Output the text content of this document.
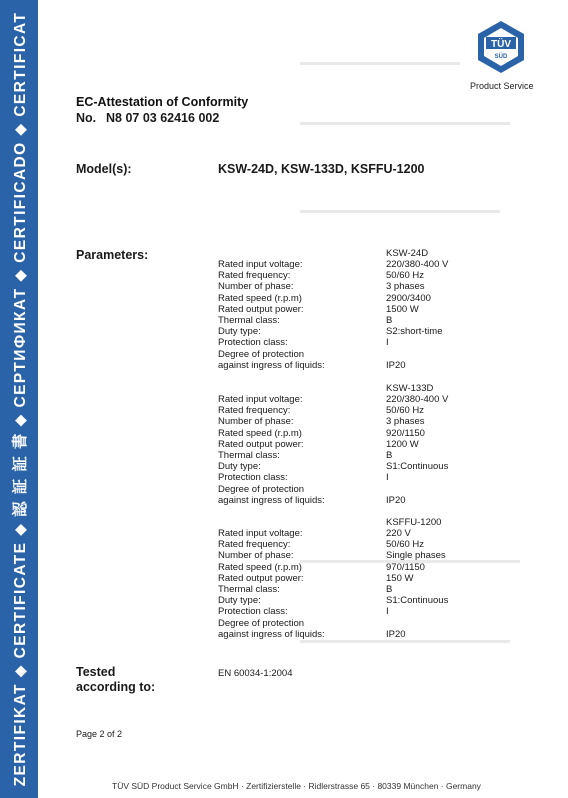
ZERTIFIKAT ◆ CERTIFICATE ◆ 認 証 証 書 ◆ СЕРТИФИКАТ ◆ CERTIFICADO ◆ CERTIFICAT	TÜV
SÜD
Product Service
EC-Attestation of Conformity
No. N8 07 03 62416 002
Model(s):	KSW-24D, KSW-133D, KSFFU-1200
Parameters:	KSW-24D
Rated input voltage:	220/380-400 V
Rated frequency:	50/60 Hz
Number of phase:	3 phases
Rated speed (r.p.m)	2900/3400
Rated output power:	1500 W
Thermal class:	B
Duty type:	S2:short-time
Protection class:	I
Degree of protection
against ingress of liquids:	IP20
KSW-133D
Rated input voltage:	220/380-400 V
Rated frequency:	50/60 Hz
Number of phase:	3 phases
Rated speed (r.p.m)	920/1150
Rated output power:	1200 W
Thermal class:	B
Duty type:	S1:Continuous
Protection class:	I
Degree of protection
against ingress of liquids:	IP20
KSFFU-1200
Rated input voltage:	220 V
Rated frequency:	50/60 Hz
Number of phase:	Single phases
Rated speed (r.p.m)	970/1150
Rated output power:	150 W
Thermal class:	B
Duty type:	S1:Continuous
Protection class:	I
Degree of protection
against ingress of liquids:	IP20
Tested
according to:
EN 60034-1:2004
Page 2 of 2
TÜV SÜD Product Service GmbH · Zertifizierstelle · Ridlerstrasse 65 · 80339 München · Germany
